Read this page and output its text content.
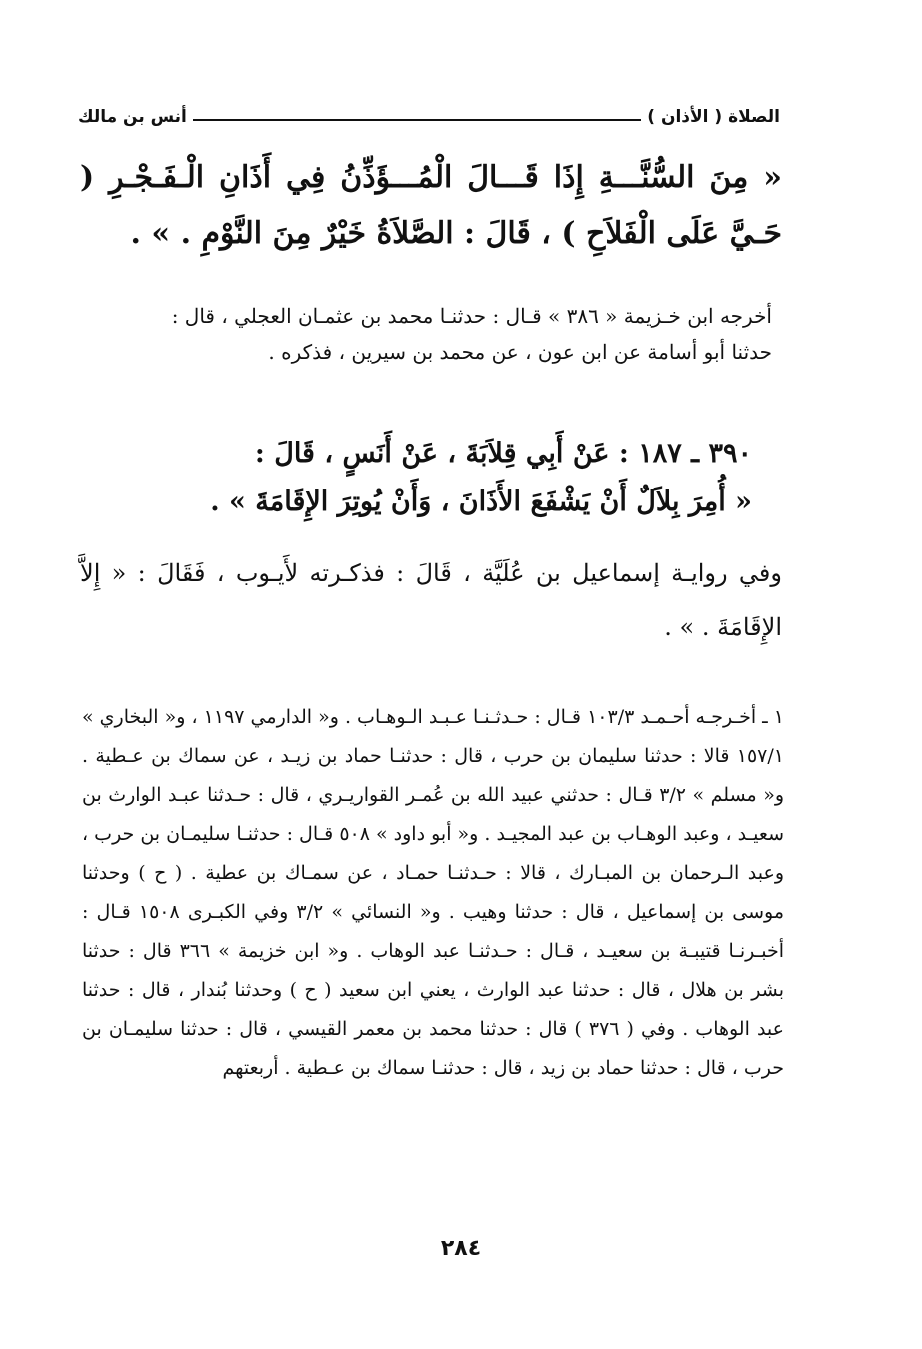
الصلاة ( الأذان )
أنس بن مالك
« مِنَ السُّنَّـــةِ إِذَا قَـــالَ الْمُـــؤَذِّنُ فِي أَذَانِ الْـفَـجْـرِ ( حَـيَّ عَلَى الْفَلاَحِ ) ، قَالَ : الصَّلاَةُ خَيْرٌ مِنَ النَّوْمِ . » .
أخرجه ابن خـزيمة « ٣٨٦ » قـال : حدثنـا محمد بن عثمـان العجلي ، قال : حدثنا أبو أسامة عن ابن عون ، عن محمد بن سيرين ، فذكره .
٣٩٠ ـ ١٨٧ : عَنْ أَبِي قِلاَبَةَ ، عَنْ أَنَسٍ ، قَالَ :
« أُمِرَ بِلاَلٌ أَنْ يَشْفَعَ الأَذَانَ ، وَأَنْ يُوتِرَ الإِقَامَةَ » .
وفي روايـة إسماعيل بن عُلَيَّة ، قَالَ : فذكـرته لأَيـوب ، فَقَالَ : « إِلاَّ الإِقَامَةَ . » .

١ ـ أخـرجـه أحـمـد ١٠٣/٣ قـال : حـدثـنـا عـبـد الـوهـاب . و« الدارمي ١١٩٧ ، و« البخاري » ١٥٧/١ قالا : حدثنا سليمان بن حرب ، قال : حدثنـا حماد بن زيـد ، عن سماك بن عـطية . و« مسلم » ٣/٢ قـال : حدثني عبيد الله بن عُمـر القواريـري ، قال : حـدثنا عبـد الوارث بن سعيـد ، وعبد الوهـاب بن عبد المجيـد . و« أبو داود » ٥٠٨ قـال : حدثنـا سليمـان بن حرب ، وعبد الـرحمان بن المبـارك ، قالا : حـدثنـا حمـاد ، عن سمـاك بن عطية . ( ح ) وحدثنا موسى بن إسماعيل ، قال : حدثنا وهيب . و« النسائي » ٣/٢ وفي الكبـرى ١٥٠٨ قـال : أخبـرنـا قتيبـة بن سعيـد ، قـال : حـدثنـا عبد الوهاب . و« ابن خزيمة » ٣٦٦ قال : حدثنا بشر بن هلال ، قال : حدثنا عبد الوارث ، يعني ابن سعيد ( ح ) وحدثنا بُندار ، قال : حدثنا عبد الوهاب . وفي ( ٣٧٦ ) قال : حدثنا محمد بن معمر القيسي ، قال : حدثنا سليمـان بن حرب ، قال : حدثنا حماد بن زيد ، قال : حدثنـا سماك بن عـطية . أربعتهم

٢٨٤
